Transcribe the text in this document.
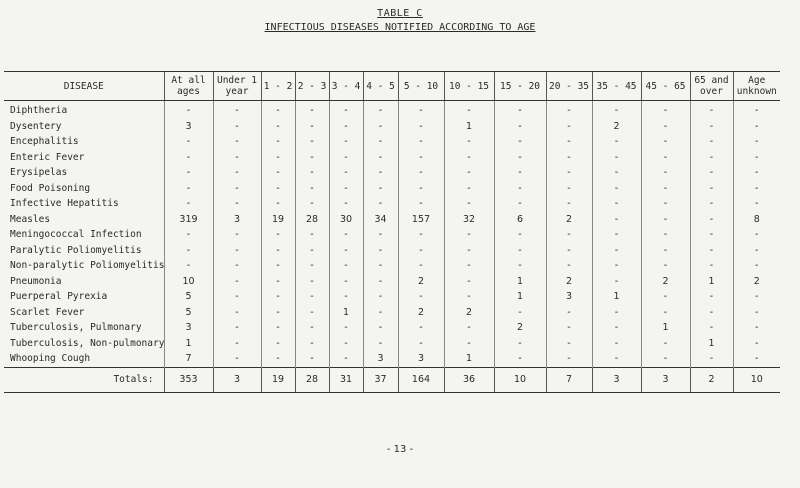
TABLE C
INFECTIOUS DISEASES NOTIFIED ACCORDING TO AGE
DISEASE	At all ages	Under 1 year	1 - 2	2 - 3	3 - 4	4 - 5	5 - 10	10 - 15	15 - 20	20 - 35	35 - 45	45 - 65	65 and over	Age unknown
Diphtheria	-	-	-	-	-	-	-	-	-	-	-	-	-	-
Dysentery	3	-	-	-	-	-	-	1	-	-	2	-	-	-
Encephalitis	-	-	-	-	-	-	-	-	-	-	-	-	-	-
Enteric Fever	-	-	-	-	-	-	-	-	-	-	-	-	-	-
Erysipelas	-	-	-	-	-	-	-	-	-	-	-	-	-	-
Food Poisoning	-	-	-	-	-	-	-	-	-	-	-	-	-	-
Infective Hepatitis	-	-	-	-	-	-	-	-	-	-	-	-	-	-
Measles	319	3	19	28	30	34	157	32	6	2	-	-	-	8
Meningococcal Infection	-	-	-	-	-	-	-	-	-	-	-	-	-	-
Paralytic Poliomyelitis	-	-	-	-	-	-	-	-	-	-	-	-	-	-
Non-paralytic Poliomyelitis	-	-	-	-	-	-	-	-	-	-	-	-	-	-
Pneumonia	10	-	-	-	-	-	2	-	1	2	-	2	1	2
Puerperal Pyrexia	5	-	-	-	-	-	-	-	1	3	1	-	-	-
Scarlet Fever	5	-	-	-	1	-	2	2	-	-	-	-	-	-
Tuberculosis, Pulmonary	3	-	-	-	-	-	-	-	2	-	-	1	-	-
Tuberculosis, Non-pulmonary	1	-	-	-	-	-	-	-	-	-	-	-	1	-
Whooping Cough	7	-	-	-	-	3	3	1	-	-	-	-	-	-
Totals:	353	3	19	28	31	37	164	36	10	7	3	3	2	10
- 13 -
